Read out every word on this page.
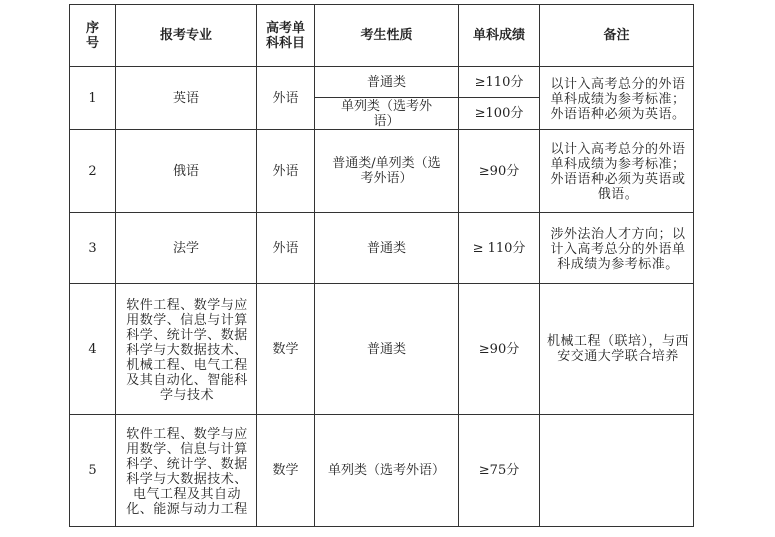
序号	报考专业	高考单科科目	考生性质	单科成绩	备注

1	英语	外语	普通类	≥110分	以计入高考总分的外语单科成绩为参考标准；外语语种必须为英语。

			单列类（选考外语）	≥100分	

2	俄语	外语	普通类/单列类（选考外语）	≥90分	以计入高考总分的外语单科成绩为参考标准；外语语种必须为英语或俄语。

3	法学	外语	普通类	≥ 110分	涉外法治人才方向；以计入高考总分的外语单科成绩为参考标准。

4	软件工程、数学与应用数学、信息与计算科学、统计学、数据科学与大数据技术、机械工程、电气工程及其自动化、智能科学与技术	数学	普通类	≥90分	机械工程（联培），与西安交通大学联合培养

5	软件工程、数学与应用数学、信息与计算科学、统计学、数据科学与大数据技术、电气工程及其自动化、能源与动力工程	数学	单列类（选考外语）	≥75分	
